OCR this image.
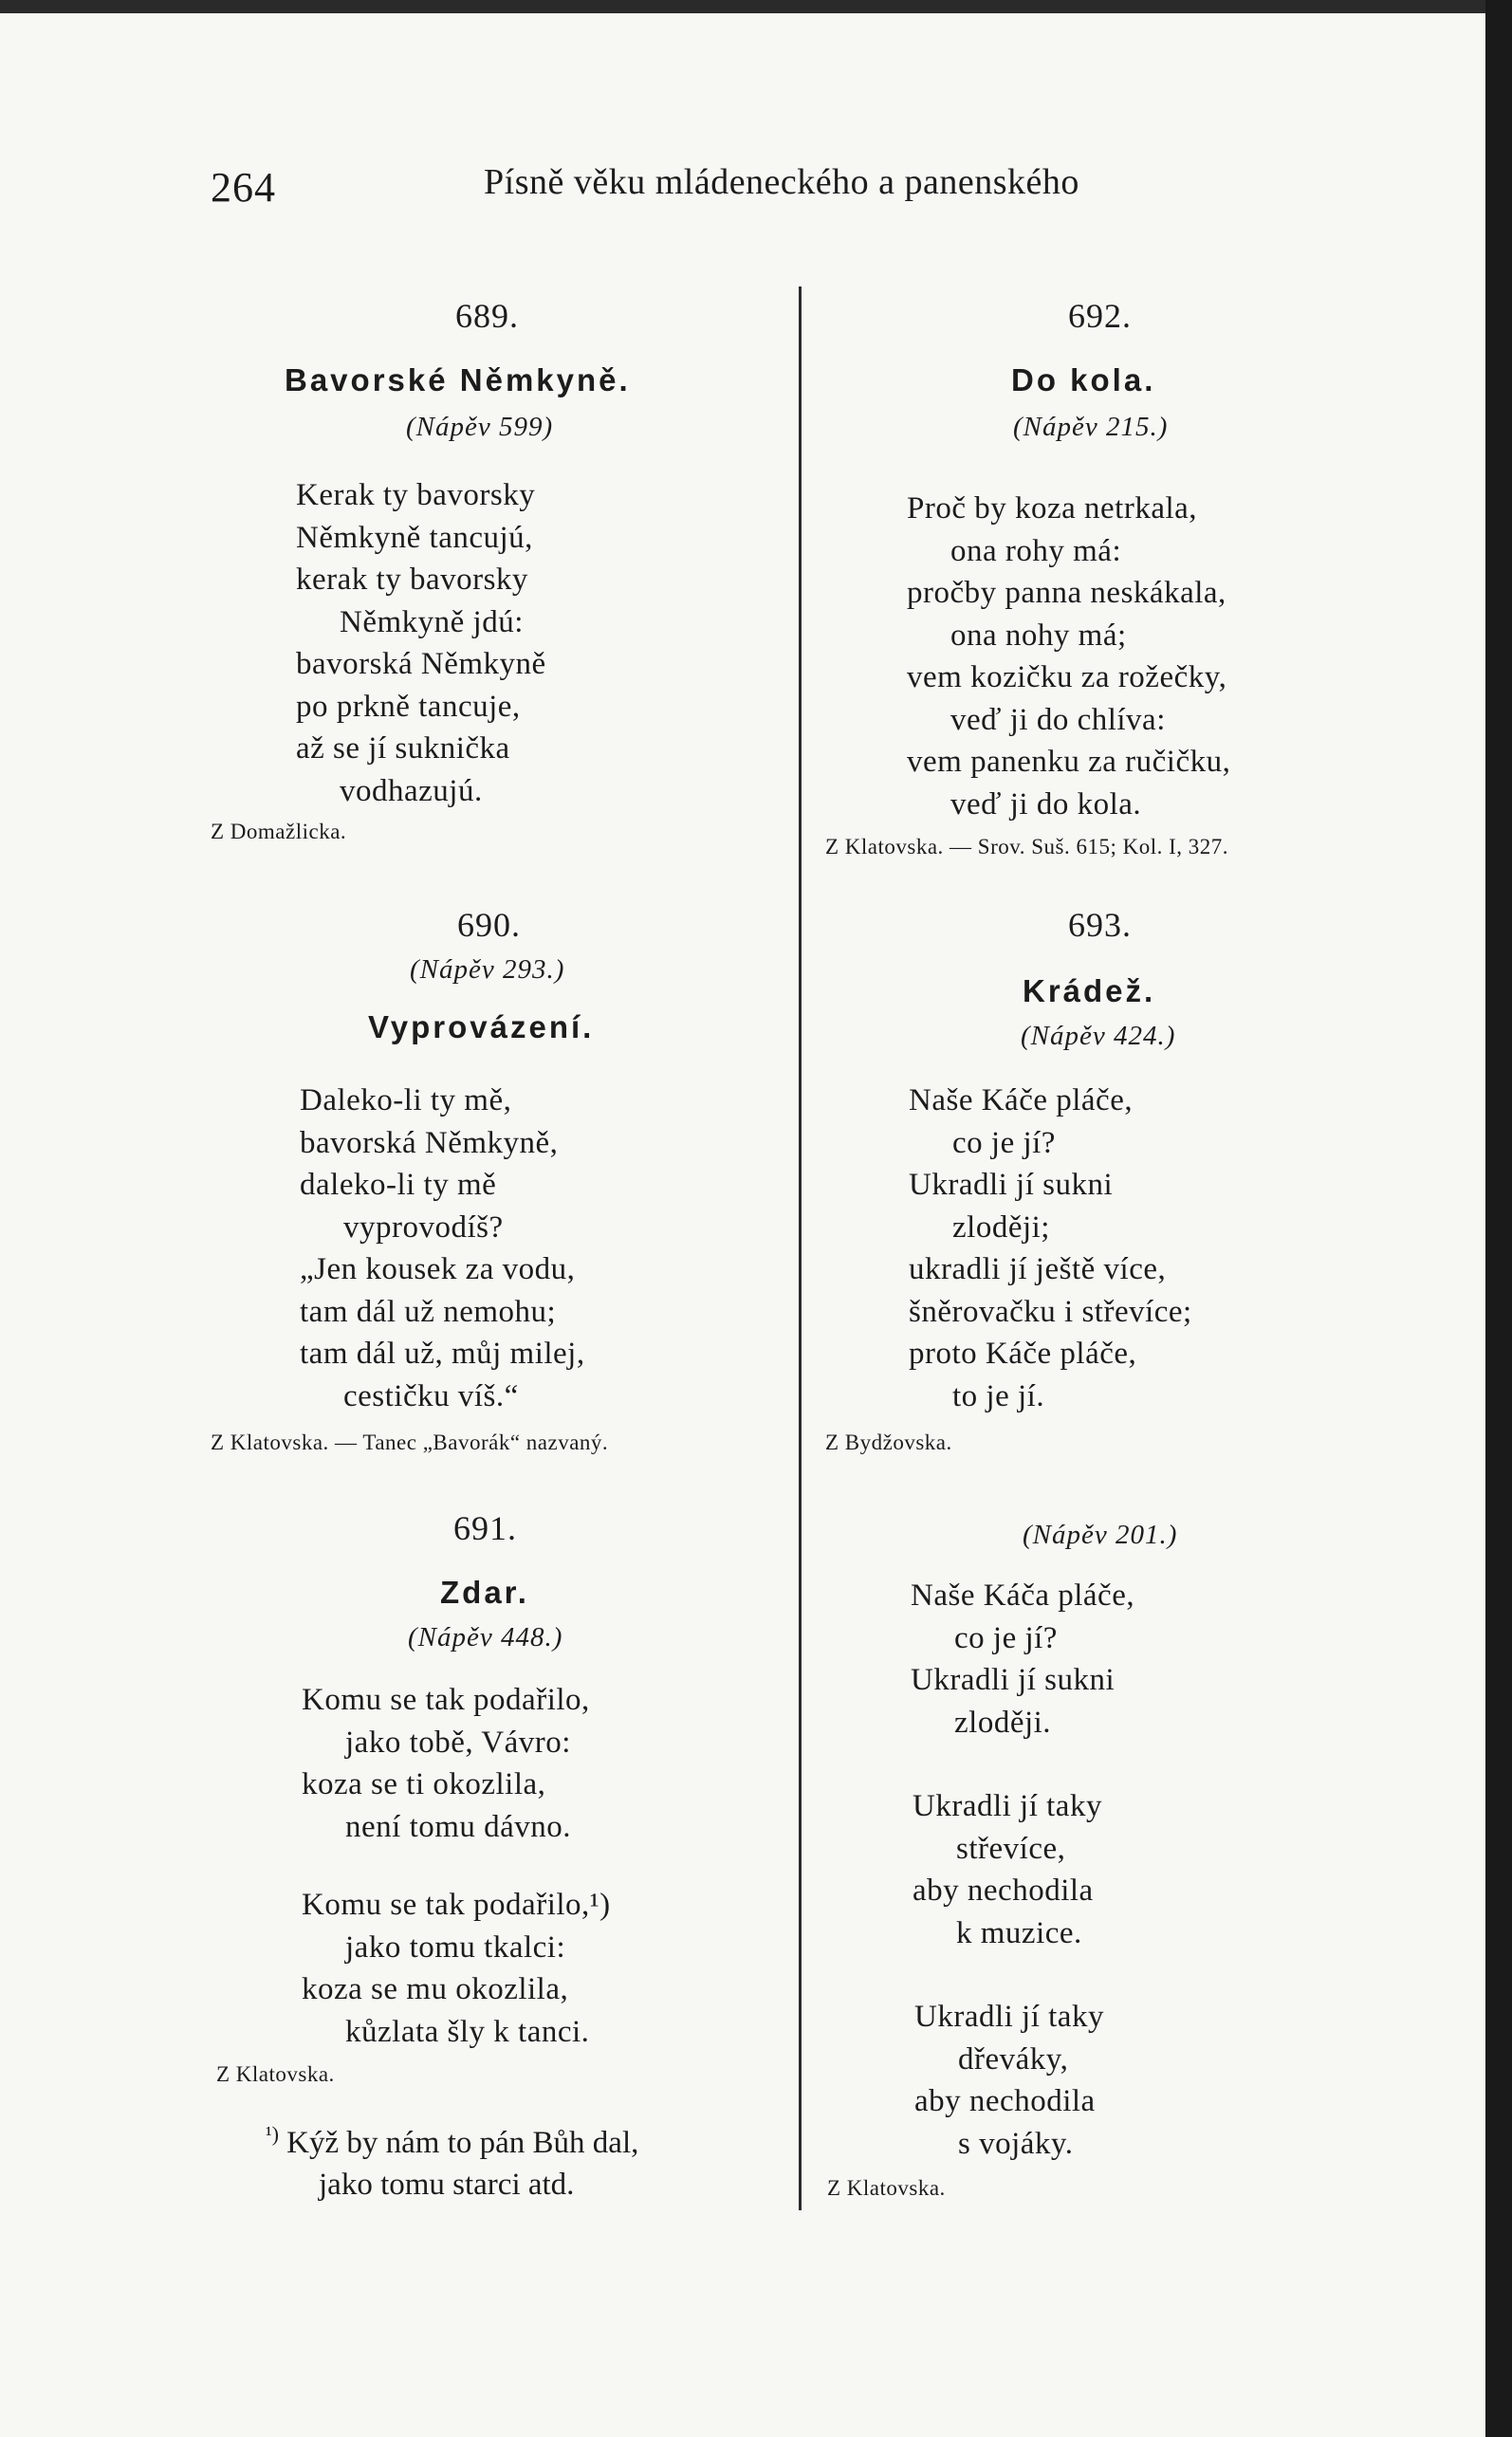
264	Písně věku mládeneckého a panenského
689.
Bavorské Němkyně.
(Nápěv 599)
Kerak ty bavorsky
Němkyně tancujú,
kerak ty bavorsky
Němkyně jdú:
bavorská Němkyně
po prkně tancuje,
až se jí suknička
vodhazujú.
Z Domažlicka.
690.
(Nápěv 293.)
Vyprovázení.
Daleko-li ty mě,
bavorská Němkyně,
daleko-li ty mě
vyprovodíš?
„Jen kousek za vodu,
tam dál už nemohu;
tam dál už, můj milej,
cestičku víš.“
Z Klatovska. — Tanec „Bavorák“ nazvaný.
691.
Zdar.
(Nápěv 448.)
Komu se tak podařilo,
jako tobě, Vávro:
koza se ti okozlila,
není tomu dávno.
Komu se tak podařilo,¹)
jako tomu tkalci:
koza se mu okozlila,
kůzlata šly k tanci.
Z Klatovska.
$^{^1)}$ Kýž by nám to pán Bůh dal,
jako tomu starci atd.
692.
Do kola.
(Nápěv 215.)
Proč by koza netrkala,
ona rohy má:
pročby panna neskákala,
ona nohy má;
vem kozičku za rožečky,
veď ji do chlíva:
vem panenku za ručičku,
veď ji do kola.
Z Klatovska. — Srov. Suš. 615; Kol. I, 327.
693.
Krádež.
(Nápěv 424.)
Naše Káče pláče,
co je jí?
Ukradli jí sukni
zloději;
ukradli jí ještě více,
šněrovačku i střevíce;
proto Káče pláče,
to je jí.
Z Bydžovska.
(Nápěv 201.)
Naše Káča pláče,
co je jí?
Ukradli jí sukni
zloději.
Ukradli jí taky
střevíce,
aby nechodila
k muzice.
Ukradli jí taky
dřeváky,
aby nechodila
s vojáky.
Z Klatovska.
